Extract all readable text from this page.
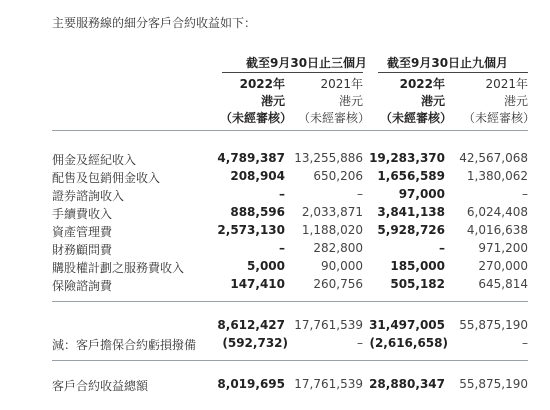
主要服務線的細分客戶合約收益如下：
截至9月30日止三個月 截至9月30日止九個月
2022年	2021年	2022年	2021年
港元	港元	港元	港元
（未經審核） （未經審核） （未經審核） （未經審核）
佣金及經紀收入	4,789,387 13,255,886 19,283,370 42,567,068
配售及包銷佣金收入	208,904 650,206 1,656,589 1,380,062
證券諮詢收入	–	–	97,000	–
手續費收入	888,596 2,033,871 3,841,138 6,024,408
資產管理費	2,573,130 1,188,020 5,928,726 4,016,638
財務顧問費	– 282,800	–	971,200
購股權計劃之服務費收入	5,000	90,000 185,000	270,000
保險諮詢費	147,410 260,756 505,182	645,814
8,612,427 17,761,539 31,497,005 55,875,190
減：客戶擔保合約虧損撥備 (592,732)	– (2,616,658)	–
客戶合約收益總額	8,019,695 17,761,539 28,880,347 55,875,190
